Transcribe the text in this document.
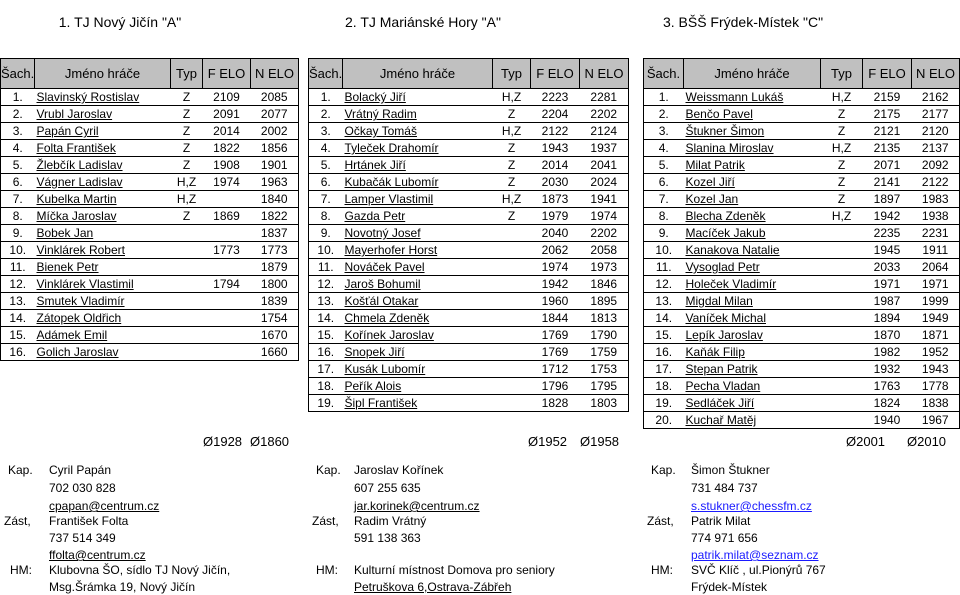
1. TJ Nový Jičín "A"
Šach.	Jméno hráče	Typ	F ELO	N ELO
1.	Slavinský Rostislav	Z	2109	2085
2.	Vrubl Jaroslav	Z	2091	2077
3.	Papán Cyril	Z	2014	2002
4.	Folta František	Z	1822	1856
5.	Žlebčík Ladislav	Z	1908	1901
6.	Vágner Ladislav	H,Z	1974	1963
7.	Kubelka Martin	H,Z		1840
8.	Míčka Jaroslav	Z	1869	1822
9.	Bobek Jan			1837
10.	Vinklárek Robert		1773	1773
11.	Bienek Petr			1879
12.	Vinklárek Vlastimil		1794	1800
13.	Smutek Vladimír			1839
14.	Zátopek Oldřich			1754
15.	Adámek Emil			1670
16.	Golich Jaroslav			1660
Ø1928 Ø1860
2. TJ Mariánské Hory "A"
Šach.	Jméno hráče	Typ	F ELO	N ELO
1.	Bolacký Jiří	H,Z	2223	2281
2.	Vrátný Radim	Z	2204	2202
3.	Očkay Tomáš	H,Z	2122	2124
4.	Tyleček Drahomír	Z	1943	1937
5.	Hrtánek Jiří	Z	2014	2041
6.	Kubačák Lubomír	Z	2030	2024
7.	Lamper Vlastimil	H,Z	1873	1941
8.	Gazda Petr	Z	1979	1974
9.	Novotný Josef		2040	2202
10.	Mayerhofer Horst		2062	2058
11.	Nováček Pavel		1974	1973
12.	Jaroš Bohumil		1942	1846
13.	Košťál Otakar		1960	1895
14.	Chmela Zdeněk		1844	1813
15.	Kořínek Jaroslav		1769	1790
16.	Snopek Jiří		1769	1759
17.	Kusák Lubomír		1712	1753
18.	Peřík Alois		1796	1795
19.	Šipl František		1828	1803
Ø1952 Ø1958
3. BŠŠ Frýdek-Místek "C"
Šach.	Jméno hráče	Typ	F ELO	N ELO
1.	Weissmann Lukáš	H,Z	2159	2162
2.	Benčo Pavel	Z	2175	2177
3.	Štukner Šimon	Z	2121	2120
4.	Slanina Miroslav	H,Z	2135	2137
5.	Milat Patrik	Z	2071	2092
6.	Kozel Jiří	Z	2141	2122
7.	Kozel Jan	Z	1897	1983
8.	Blecha Zdeněk	H,Z	1942	1938
9.	Macíček Jakub		2235	2231
10.	Kanakova Natalie		1945	1911
11.	Vysoglad Petr		2033	2064
12.	Holeček Vladimír		1971	1971
13.	Migdal Milan		1987	1999
14.	Vaníček Michal		1894	1949
15.	Lepík Jaroslav		1870	1871
16.	Kaňák Filip		1982	1952
17.	Stepan Patrik		1932	1943
18.	Pecha Vladan		1763	1778
19.	Sedláček Jiří		1824	1838
20.	Kuchař Matěj		1940	1967
Ø2001 Ø2010
Kap.	Cyril Papán
702 030 828
cpapan@centrum.cz
Zást, František Folta
737 514 349
ffolta@centrum.cz
HM: Klubovna ŠO, sídlo TJ Nový Jičín,
Msg.Šrámka 19, Nový Jičín
Kap. Jaroslav Kořínek
607 255 635
jar.korinek@centrum.cz
Zást, Radim Vrátný
591 138 363
HM: Kulturní místnost Domova pro seniory
Petruškova 6,Ostrava-Zábřeh
Kap. Šimon Štukner
731 484 737
s.stukner@chessfm.cz
Zást, Patrik Milat
774 971 656
patrik.milat@seznam.cz
HM: SVČ Klíč , ul.Pionýrů 767
Frýdek-Místek
